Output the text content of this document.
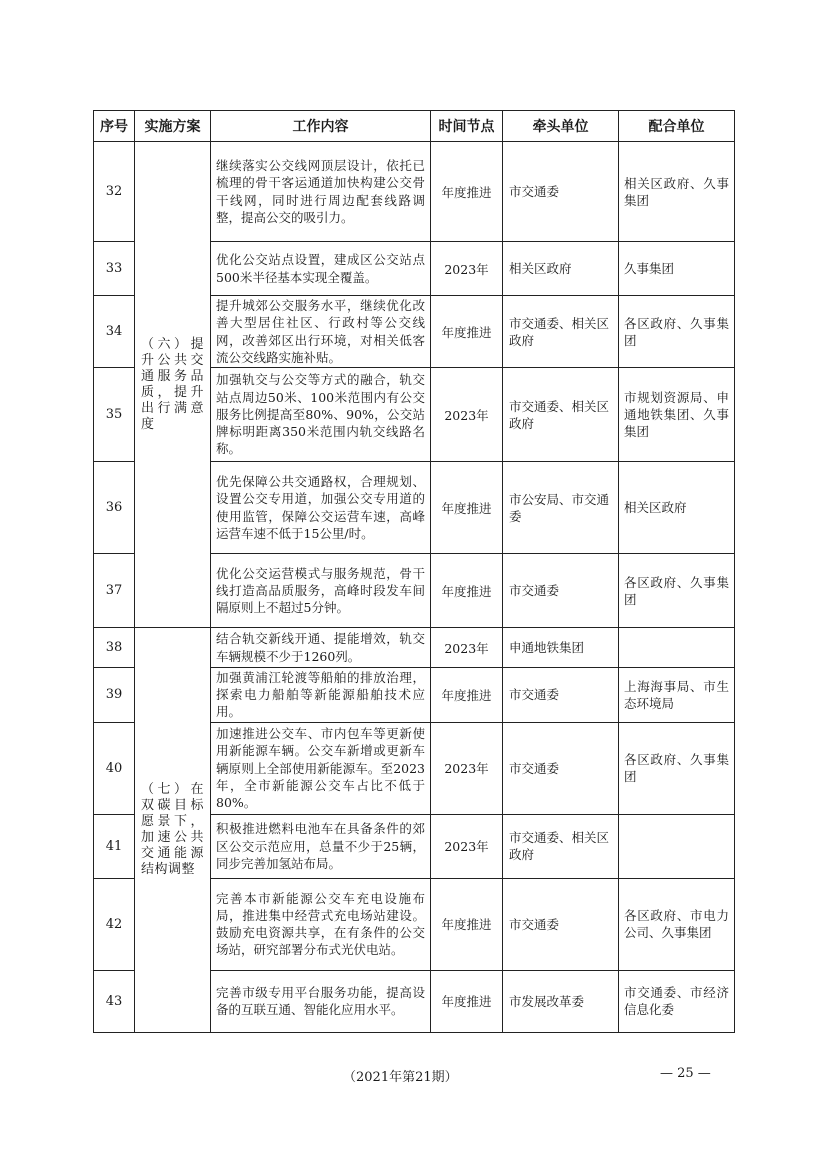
序号	实施方案	工作内容	时间节点	牵头单位	配合单位
32	（六）提升公共交通服务品质，提升出行满意度	继续落实公交线网顶层设计，依托已梳理的骨干客运通道加快构建公交骨干线网，同时进行周边配套线路调整，提高公交的吸引力。	年度推进	市交通委	相关区政府、久事集团
33		优化公交站点设置，建成区公交站点500米半径基本实现全覆盖。	2023年	相关区政府	久事集团
34		提升城郊公交服务水平，继续优化改善大型居住社区、行政村等公交线网，改善郊区出行环境，对相关低客流公交线路实施补贴。	年度推进	市交通委、相关区政府	各区政府、久事集团
35		加强轨交与公交等方式的融合，轨交站点周边50米、100米范围内有公交服务比例提高至80%、90%，公交站牌标明距离350米范围内轨交线路名称。	2023年	市交通委、相关区政府	市规划资源局、申通地铁集团、久事集团
36		优先保障公共交通路权，合理规划、设置公交专用道，加强公交专用道的使用监管，保障公交运营车速，高峰运营车速不低于15公里/时。	年度推进	市公安局、市交通委	相关区政府
37		优化公交运营模式与服务规范，骨干线打造高品质服务，高峰时段发车间隔原则上不超过5分钟。	年度推进	市交通委	各区政府、久事集团
38	（七）在双碳目标愿景下，加速公共交通能源结构调整	结合轨交新线开通、提能增效，轨交车辆规模不少于1260列。	2023年	申通地铁集团	
39		加强黄浦江轮渡等船舶的排放治理，探索电力船舶等新能源船舶技术应用。	年度推进	市交通委	上海海事局、市生态环境局
40		加速推进公交车、市内包车等更新使用新能源车辆。公交车新增或更新车辆原则上全部使用新能源车。至2023年，全市新能源公交车占比不低于80%。	2023年	市交通委	各区政府、久事集团
41		积极推进燃料电池车在具备条件的郊区公交示范应用，总量不少于25辆，同步完善加氢站布局。	2023年	市交通委、相关区政府	
42		完善本市新能源公交车充电设施布局，推进集中经营式充电场站建设。鼓励充电资源共享，在有条件的公交场站，研究部署分布式光伏电站。	年度推进	市交通委	各区政府、市电力公司、久事集团
43		完善市级专用平台服务功能，提高设备的互联互通、智能化应用水平。	年度推进	市发展改革委	市交通委、市经济信息化委
（2021年第21期）	— 25 —
